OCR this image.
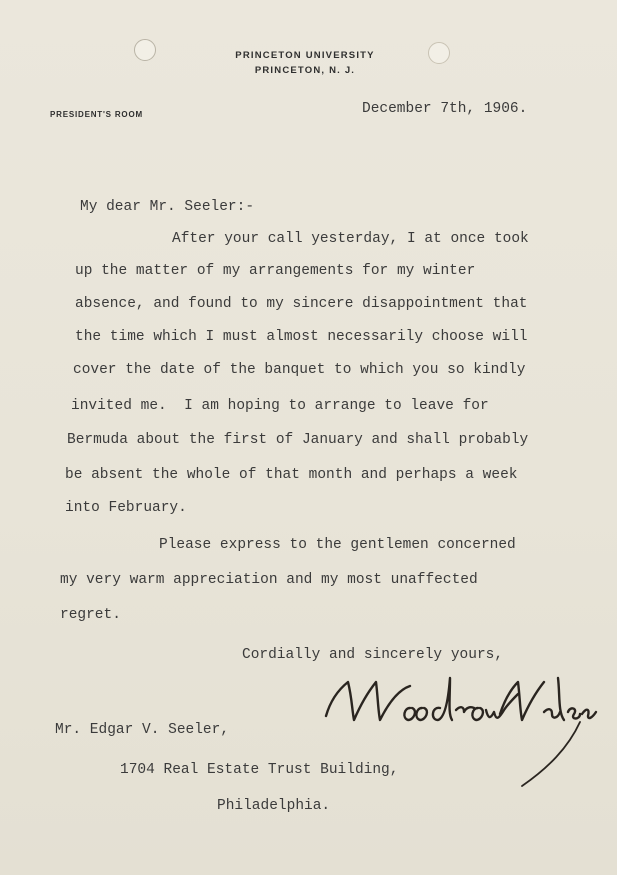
PRINCETON UNIVERSITY
PRINCETON, N. J.
PRESIDENT'S ROOM	December 7th, 1906.
My dear Mr. Seeler:-
After your call yesterday, I at once took
up the matter of my arrangements for my winter
absence, and found to my sincere disappointment that
the time which I must almost necessarily choose will
cover the date of the banquet to which you so kindly
invited me.  I am hoping to arrange to leave for
Bermuda about the first of January and shall probably
be absent the whole of that month and perhaps a week
into February.
Please express to the gentlemen concerned
my very warm appreciation and my most unaffected
regret.
Cordially and sincerely yours,
Mr. Edgar V. Seeler,
1704 Real Estate Trust Building,
Philadelphia.
